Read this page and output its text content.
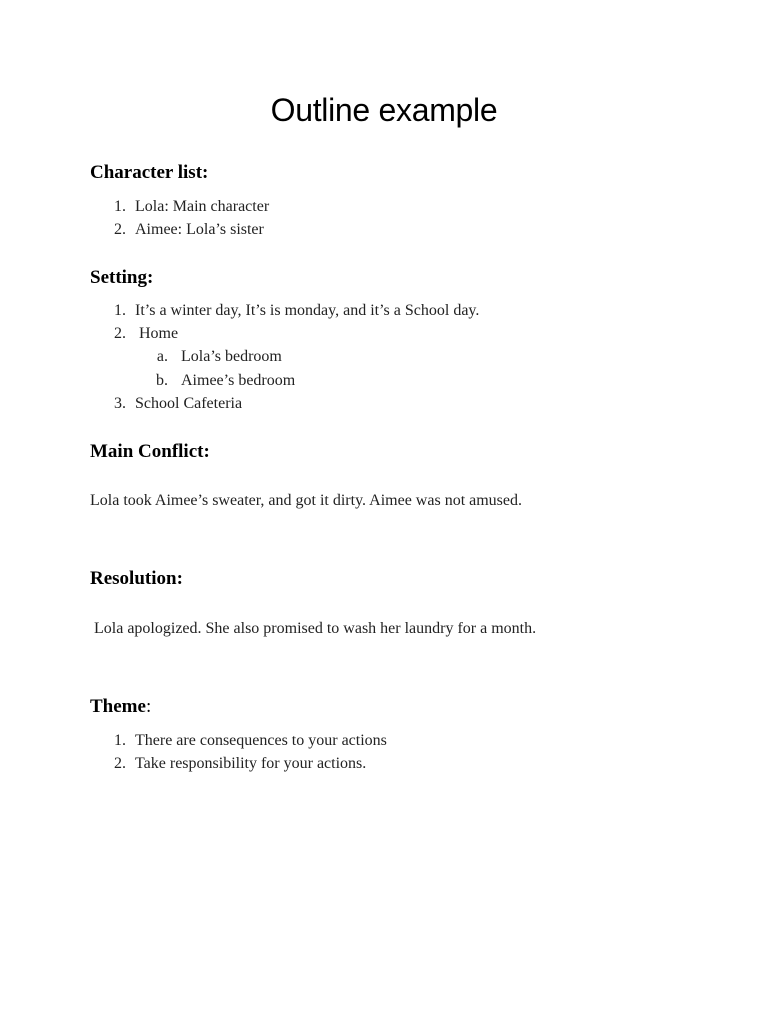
Outline example
Character list:
1. Lola: Main character
2. Aimee: Lola’s sister
Setting:
1. It’s a winter day, It’s is monday, and it’s a School day.
2. Home
a. Lola’s bedroom
b. Aimee’s bedroom
3. School Cafeteria
Main Conflict:
Lola took Aimee’s sweater, and got it dirty. Aimee was not amused.
Resolution:
Lola apologized. She also promised to wash her laundry for a month.
Theme:
1. There are consequences to your actions
2. Take responsibility for your actions.
